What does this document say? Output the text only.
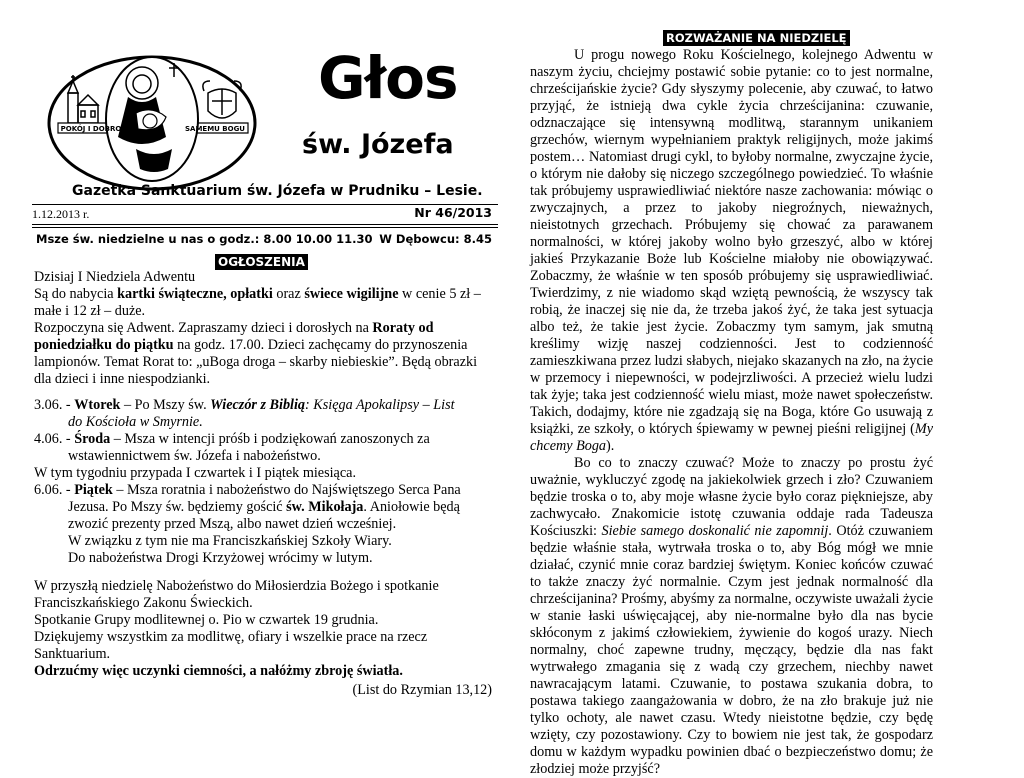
POKÓJ I DOBRO	SAMEMU BOGU
Głos
św. Józefa
Gazetka Sanktuarium św. Józefa w Prudniku – Lesie.
1.12.2013 r.	Nr 46/2013
Msze św. niedzielne u nas o godz.: 8.00 10.00 11.30 W Dębowcu: 8.45
OGŁOSZENIA

Dzisiaj I Niedziela Adwentu

Są do nabycia kartki świąteczne, opłatki oraz świece wigilijne w cenie 5 zł – małe i 12 zł – duże.

Rozpoczyna się Adwent. Zapraszamy dzieci i dorosłych na Roraty od poniedziałku do piątku na godz. 17.00. Dzieci zachęcamy do przynoszenia lampionów. Temat Rorat to: „uBoga droga – skarby niebieskie”. Będą obrazki dla dzieci i inne niespodzianki.

3.06. - Wtorek – Po Mszy św. Wieczór z Biblią: Księga Apokalipsy – List

do Kościoła w Smyrnie.

4.06. - Środa – Msza w intencji próśb i podziękowań zanoszonych za

wstawiennictwem św. Józefa i nabożeństwo.

W tym tygodniu przypada I czwartek i I piątek miesiąca.

6.06. - Piątek – Msza roratnia i nabożeństwo do Najświętszego Serca Pana

Jezusa. Po Mszy św. będziemy gościć św. Mikołaja. Aniołowie będą

zwozić prezenty przed Mszą, albo nawet dzień wcześniej.

W związku z tym nie ma Franciszkańskiej Szkoły Wiary.

Do nabożeństwa Drogi Krzyżowej wrócimy w lutym.

W przyszłą niedzielę Nabożeństwo do Miłosierdzia Bożego i spotkanie Franciszkańskiego Zakonu Świeckich.

Spotkanie Grupy modlitewnej o. Pio w czwartek 19 grudnia.

Dziękujemy wszystkim za modlitwę, ofiary i wszelkie prace na rzecz Sanktuarium.

Odrzućmy więc uczynki ciemności, a nałóżmy zbroję światła.

(List do Rzymian 13,12)
ROZWAŻANIE NA NIEDZIELĘ

U progu nowego Roku Kościelnego, kolejnego Adwentu w naszym życiu, chciejmy postawić sobie pytanie: co to jest normalne, chrześcijańskie życie? Gdy słyszymy polecenie, aby czuwać, to łatwo przyjąć, że istnieją dwa cykle życia chrześcijanina: czuwanie, odznaczające się intensywną modlitwą, starannym unikaniem grzechów, wiernym wypełnianiem praktyk religijnych, może jakimś postem… Natomiast drugi cykl, to byłoby normalne, zwyczajne życie, o którym nie dałoby się niczego szczególnego powiedzieć. To właśnie tak próbujemy usprawiedliwiać niektóre nasze zachowania: mówiąc o zwyczajnych, a przez to jakoby niegroźnych, nieważnych, nieistotnych grzechach. Próbujemy się chować za parawanem normalności, w której jakoby wolno było grzeszyć, albo w której jakieś Przykazanie Boże lub Kościelne miałoby nie obowiązywać. Zobaczmy, że właśnie w ten sposób próbujemy się usprawiedliwiać. Twierdzimy, z nie wiadomo skąd wziętą pewnością, że wszyscy tak robią, że inaczej się nie da, że trzeba jakoś żyć, że taka jest sytuacja albo też, że takie jest życie. Zobaczmy tym samym, jak smutną kreślimy wizję naszej codzienności. Jest to codzienność zamieszkiwana przez ludzi słabych, niejako skazanych na zło, na życie w przemocy i niepewności, w podejrzliwości. A przecież wielu ludzi tak żyje; taka jest codzienność wielu miast, może nawet społeczeństw. Takich, dodajmy, które nie zgadzają się na Boga, które Go usuwają z książki, ze szkoły, o których śpiewamy w pewnej pieśni religijnej (My chcemy Boga).

Bo co to znaczy czuwać? Może to znaczy po prostu żyć uważnie, wykluczyć zgodę na jakiekolwiek grzech i zło? Czuwaniem będzie troska o to, aby moje własne życie było coraz piękniejsze, aby zachwycało. Znakomicie istotę czuwania oddaje rada Tadeusza Kościuszki: Siebie samego doskonalić nie zapomnij. Otóż czuwaniem będzie właśnie stała, wytrwała troska o to, aby Bóg mógł we mnie działać, czynić mnie coraz bardziej świętym. Koniec końców czuwać to także znaczy żyć normalnie. Czym jest jednak normalność dla chrześcijanina? Prośmy, abyśmy za normalne, oczywiste uważali życie w stanie łaski uświęcającej, aby nie-normalne było dla nas bycie skłóconym z jakimś człowiekiem, żywienie do kogoś urazy. Niech normalny, choć zapewne trudny, męczący, będzie dla nas fakt wytrwałego zmagania się z wadą czy grzechem, niechby nawet nawracającym latami. Czuwanie, to postawa szukania dobra, to postawa takiego zaangażowania w dobro, że na zło brakuje już nie tylko ochoty, ale nawet czasu. Wtedy nieistotne będzie, czy będę wzięty, czy pozostawiony. Czy to bowiem nie jest tak, że gospodarz domu w każdym wypadku powinien dbać o bezpieczeństwo domu; że złodziej może przyjść?
